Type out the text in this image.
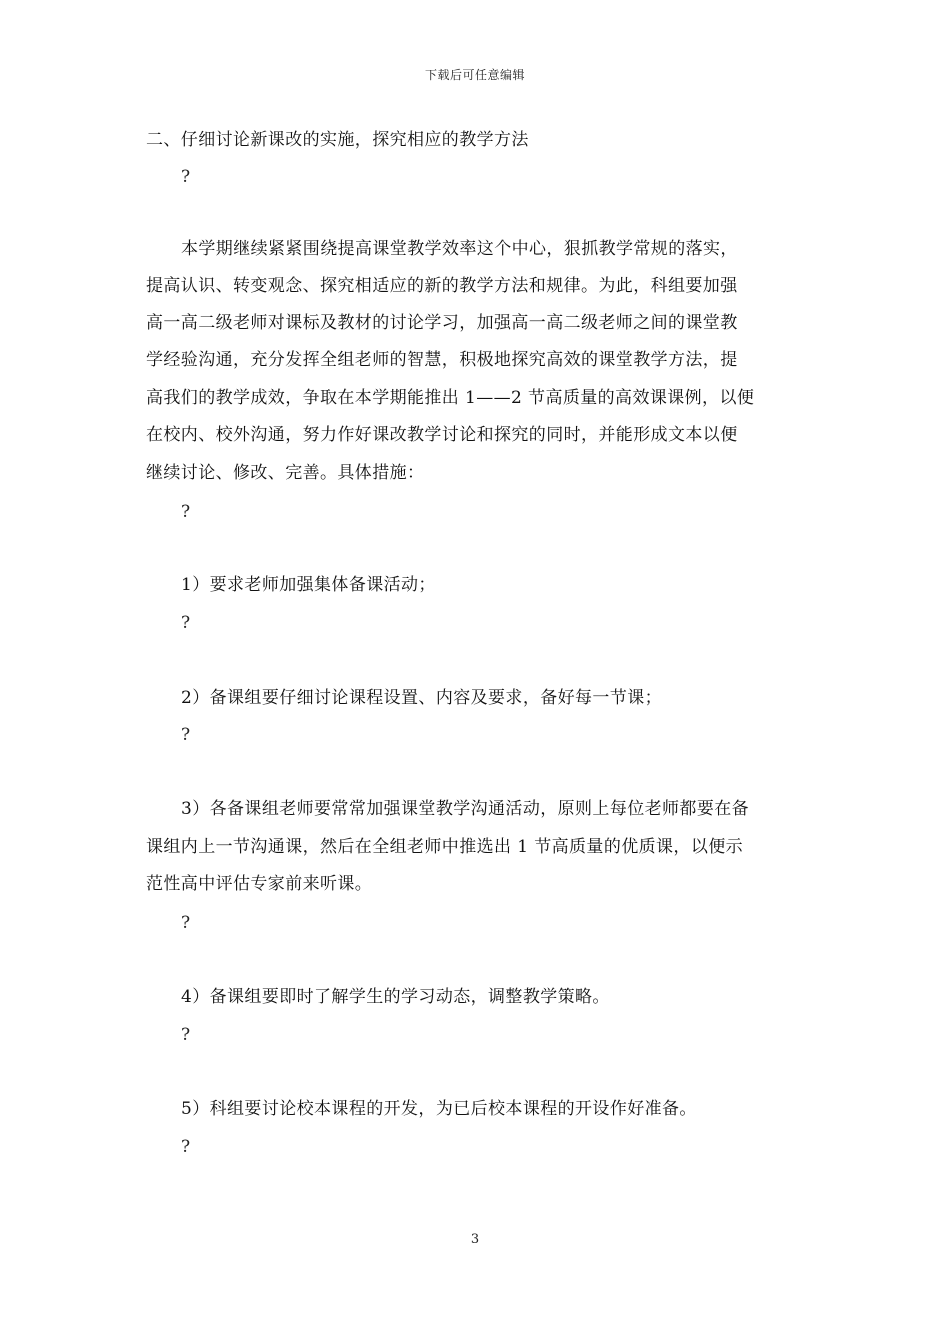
下载后可任意编辑
二、仔细讨论新课改的实施，探究相应的教学方法
?
本学期继续紧紧围绕提高课堂教学效率这个中心，狠抓教学常规的落实，
提高认识、转变观念、探究相适应的新的教学方法和规律。为此，科组要加强
高一高二级老师对课标及教材的讨论学习，加强高一高二级老师之间的课堂教
学经验沟通，充分发挥全组老师的智慧，积极地探究高效的课堂教学方法，提
高我们的教学成效，争取在本学期能推出 1——2 节高质量的高效课课例，以便
在校内、校外沟通，努力作好课改教学讨论和探究的同时，并能形成文本以便
继续讨论、修改、完善。具体措施：
?
1）要求老师加强集体备课活动；
?
2）备课组要仔细讨论课程设置、内容及要求，备好每一节课；
?
3）各备课组老师要常常加强课堂教学沟通活动，原则上每位老师都要在备
课组内上一节沟通课，然后在全组老师中推选出 1 节高质量的优质课，以便示
范性高中评估专家前来听课。
?
4）备课组要即时了解学生的学习动态，调整教学策略。
?
5）科组要讨论校本课程的开发，为已后校本课程的开设作好准备。
?
3
